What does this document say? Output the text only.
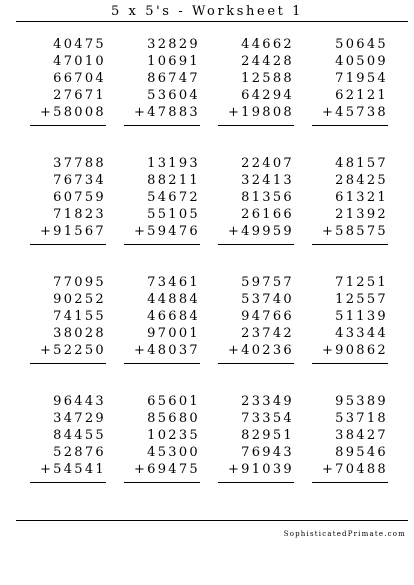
5 x 5's - Worksheet 1
40475
47010
66704
27671
+58008
32829
10691
86747
53604
+47883
44662
24428
12588
64294
+19808
50645
40509
71954
62121
+45738
37788
76734
60759
71823
+91567
13193
88211
54672
55105
+59476
22407
32413
81356
26166
+49959
48157
28425
61321
21392
+58575
77095
90252
74155
38028
+52250
73461
44884
46684
97001
+48037
59757
53740
94766
23742
+40236
71251
12557
51139
43344
+90862
96443
34729
84455
52876
+54541
65601
85680
10235
45300
+69475
23349
73354
82951
76943
+91039
95389
53718
38427
89546
+70488
SophisticatedPrimate.com
